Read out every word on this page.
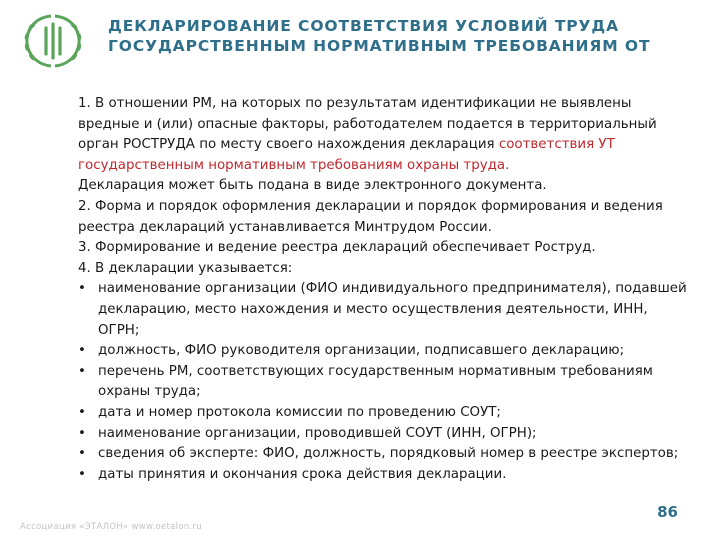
ДЕКЛАРИРОВАНИЕ СООТВЕТСТВИЯ УСЛОВИЙ ТРУДА
ГОСУДАРСТВЕННЫМ НОРМАТИВНЫМ ТРЕБОВАНИЯМ ОТ

1. В отношении РМ, на которых по результатам идентификации не выявлены вредные и (или) опасные факторы, работодателем подается в территориальный орган РОСТРУДА по месту своего нахождения декларация соответствия УТ государственным нормативным требованиям охраны труда.

Декларация может быть подана в виде электронного документа.

2. Форма и порядок оформления декларации и порядок формирования и ведения реестра деклараций устанавливается Минтрудом России.

3. Формирование и ведение реестра деклараций обеспечивает Роструд.

4. В декларации указывается:

• наименование организации (ФИО индивидуального предпринимателя), подавшей декларацию, место нахождения и место осуществления деятельности, ИНН, ОГРН;
• должность, ФИО руководителя организации, подписавшего декларацию;
• перечень РМ, соответствующих государственным нормативным требованиям охраны труда;
• дата и номер протокола комиссии по проведению СОУТ;
• наименование организации, проводившей СОУТ (ИНН, ОГРН);
• сведения об эксперте: ФИО, должность, порядковый номер в реестре экспертов;
• даты принятия и окончания срока действия декларации.
Ассоциация «ЭТАЛОН» www.oetalon.ru
86
